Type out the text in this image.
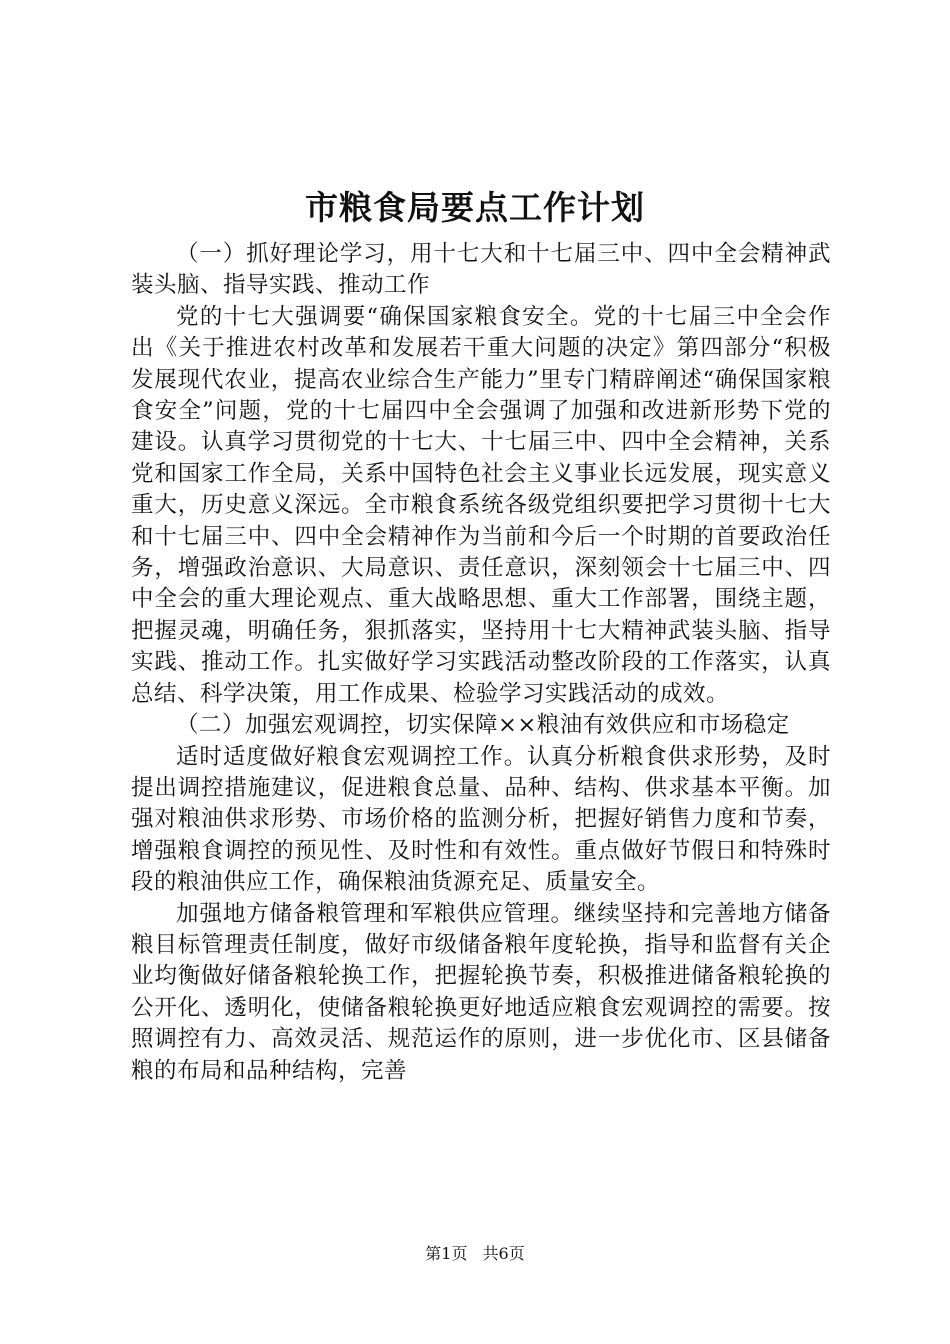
市粮食局要点工作计划

（一）抓好理论学习，用十七大和十七届三中、四中全会精神武装头脑、指导实践、推动工作

党的十七大强调要“确保国家粮食安全。党的十七届三中全会作出《关于推进农村改革和发展若干重大问题的决定》第四部分“积极发展现代农业，提高农业综合生产能力”里专门精辟阐述“确保国家粮食安全”问题，党的十七届四中全会强调了加强和改进新形势下党的建设。认真学习贯彻党的十七大、十七届三中、四中全会精神，关系党和国家工作全局，关系中国特色社会主义事业长远发展，现实意义重大，历史意义深远。全市粮食系统各级党组织要把学习贯彻十七大和十七届三中、四中全会精神作为当前和今后一个时期的首要政治任务，增强政治意识、大局意识、责任意识，深刻领会十七届三中、四中全会的重大理论观点、重大战略思想、重大工作部署，围绕主题，把握灵魂，明确任务，狠抓落实，坚持用十七大精神武装头脑、指导实践、推动工作。扎实做好学习实践活动整改阶段的工作落实，认真总结、科学决策，用工作成果、检验学习实践活动的成效。

（二）加强宏观调控，切实保障××粮油有效供应和市场稳定

适时适度做好粮食宏观调控工作。认真分析粮食供求形势，及时提出调控措施建议，促进粮食总量、品种、结构、供求基本平衡。加强对粮油供求形势、市场价格的监测分析，把握好销售力度和节奏，增强粮食调控的预见性、及时性和有效性。重点做好节假日和特殊时段的粮油供应工作，确保粮油货源充足、质量安全。

加强地方储备粮管理和军粮供应管理。继续坚持和完善地方储备粮目标管理责任制度，做好市级储备粮年度轮换，指导和监督有关企业均衡做好储备粮轮换工作，把握轮换节奏，积极推进储备粮轮换的公开化、透明化，使储备粮轮换更好地适应粮食宏观调控的需要。按照调控有力、高效灵活、规范运作的原则，进一步优化市、区县储备粮的布局和品种结构，完善

第1页 共6页
